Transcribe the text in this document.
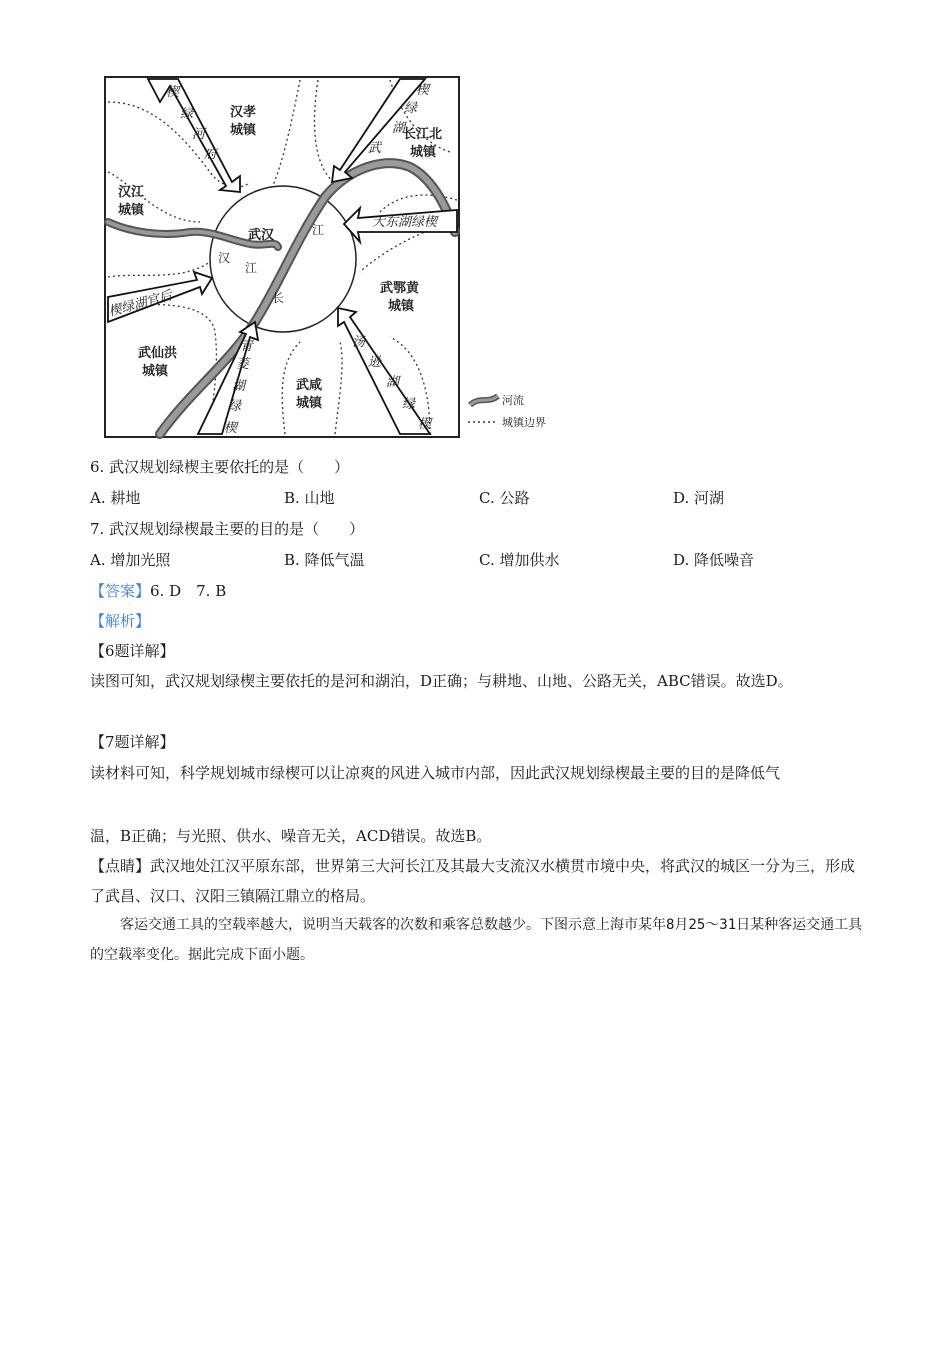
汉孝
城镇	长江北
城镇
汉江
城镇
武汉
武鄂黄
城镇
武仙洪
城镇
武咸
城镇
楔
绿
河
府
楔
绿
湖
武
大东湖绿楔
楔绿湖官后
青
菱
湖
绿
楔
汤
逊
湖
绿
楔
江
汉
江
长
河流
城镇边界
6. 武汉规划绿楔主要依托的是（　　）
A. 耕地	B. 山地	C. 公路	D. 河湖
7. 武汉规划绿楔最主要的目的是（　　）
A. 增加光照	B. 降低气温	C. 增加供水	D. 降低噪音
【答案】6. D　7. B
【解析】
【6题详解】
读图可知，武汉规划绿楔主要依托的是河和湖泊，D正确；与耕地、山地、公路无关，ABC错误。故选D。
【7题详解】
读材料可知，科学规划城市绿楔可以让凉爽的风进入城市内部，因此武汉规划绿楔最主要的目的是降低气
温，B正确；与光照、供水、噪音无关，ACD错误。故选B。
【点睛】武汉地处江汉平原东部，世界第三大河长江及其最大支流汉水横贯市境中央，将武汉的城区一分为三，形成了武昌、汉口、汉阳三镇隔江鼎立的格局。
客运交通工具的空载率越大，说明当天载客的次数和乘客总数越少。下图示意上海市某年8月25～31日某种客运交通工具的空载率变化。据此完成下面小题。
